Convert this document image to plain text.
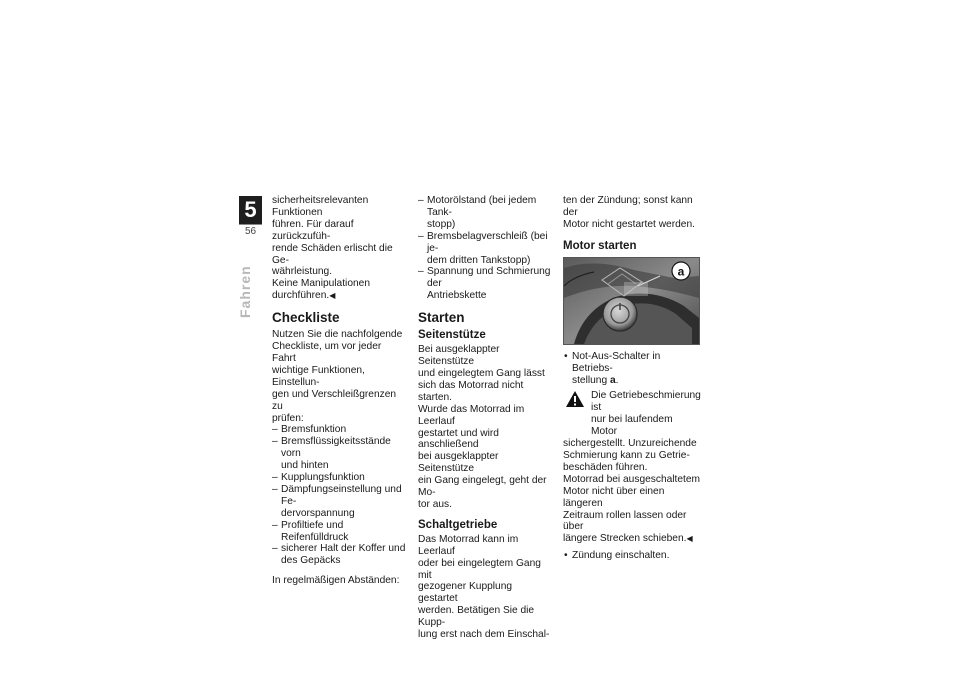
5
56
Fahren

sicherheitsrelevanten Funktionen
führen. Für darauf zurückzufüh-
rende Schäden erlischt die Ge-
währleistung.

Keine Manipulationen
durchführen.◀

Checkliste

Nutzen Sie die nachfolgende
Checkliste, um vor jeder Fahrt
wichtige Funktionen, Einstellun-
gen und Verschleißgrenzen zu
prüfen:

– Bremsfunktion
– Bremsflüssigkeitsstände vorn
und hinten
– Kupplungsfunktion
– Dämpfungseinstellung und Fe-
dervorspannung
– Profiltiefe und Reifenfülldruck
– sicherer Halt der Koffer und
des Gepäcks

In regelmäßigen Abständen:

– Motorölstand (bei jedem Tank-
stopp)
– Bremsbelagverschleiß (bei je-
dem dritten Tankstopp)
– Spannung und Schmierung der
Antriebskette
Starten
Seitenstütze

Bei ausgeklappter Seitenstütze
und eingelegtem Gang lässt
sich das Motorrad nicht starten.
Wurde das Motorrad im Leerlauf
gestartet und wird anschließend
bei ausgeklappter Seitenstütze
ein Gang eingelegt, geht der Mo-
tor aus.

Schaltgetriebe

Das Motorrad kann im Leerlauf
oder bei eingelegtem Gang mit
gezogener Kupplung gestartet
werden. Betätigen Sie die Kupp-
lung erst nach dem Einschal-

ten der Zündung; sonst kann der
Motor nicht gestartet werden.

Motor starten
a
• Not-Aus-Schalter in Betriebs-
stellung a.

Die Getriebeschmierung ist
nur bei laufendem Motor

sichergestellt. Unzureichende
Schmierung kann zu Getrie-
beschäden führen.
Motorrad bei ausgeschaltetem
Motor nicht über einen längeren
Zeitraum rollen lassen oder über
längere Strecken schieben.◀

• Zündung einschalten.
